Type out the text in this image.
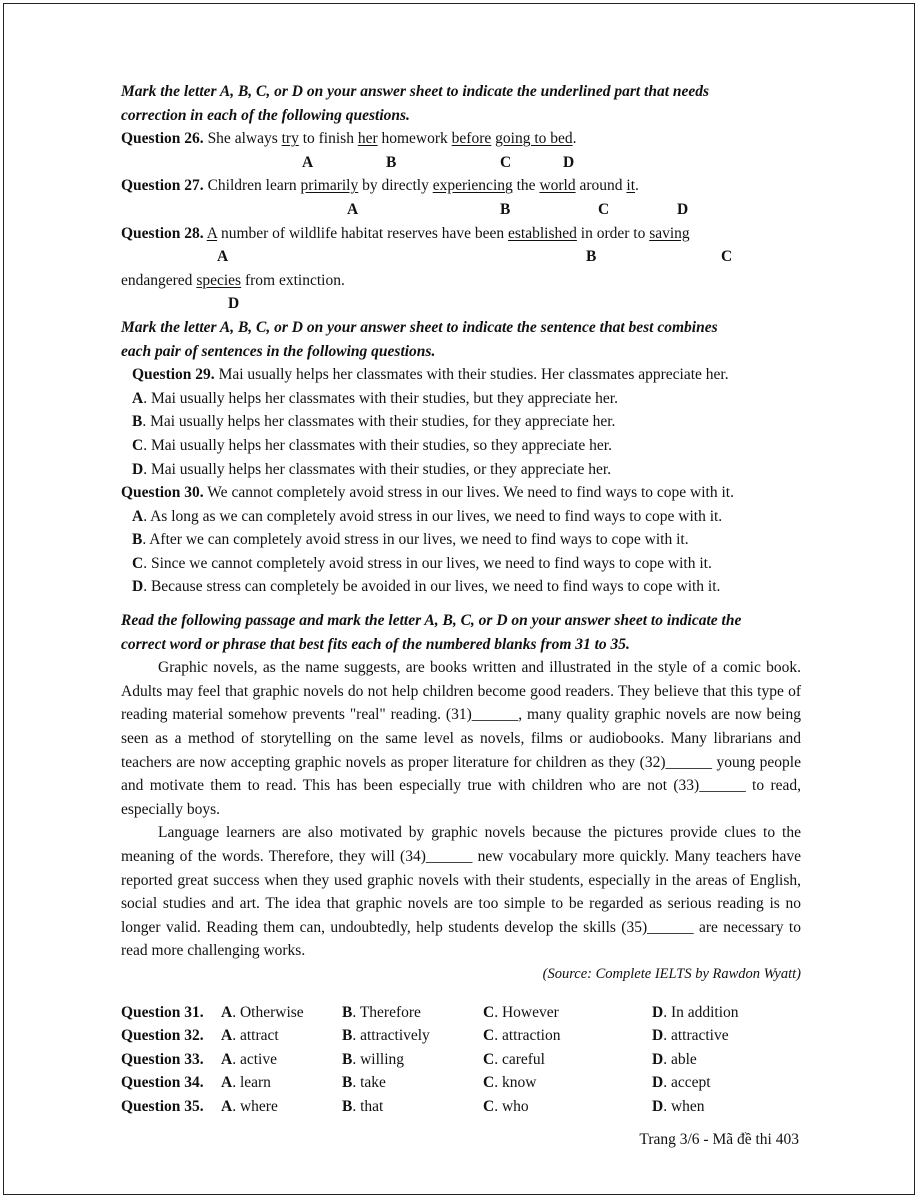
Mark the letter A, B, C, or D on your answer sheet to indicate the underlined part that needs
correction in each of the following questions.
Question 26. She always try to finish her homework before going to bed.
A	B	C	D
Question 27. Children learn primarily by directly experiencing the world around it.
A	B	C	D
Question 28. A number of wildlife habitat reserves have been established in order to saving
A	B	C
endangered species from extinction.
D
Mark the letter A, B, C, or D on your answer sheet to indicate the sentence that best combines
each pair of sentences in the following questions.
Question 29. Mai usually helps her classmates with their studies. Her classmates appreciate her.
A. Mai usually helps her classmates with their studies, but they appreciate her.
B. Mai usually helps her classmates with their studies, for they appreciate her.
C. Mai usually helps her classmates with their studies, so they appreciate her.
D. Mai usually helps her classmates with their studies, or they appreciate her.
Question 30. We cannot completely avoid stress in our lives. We need to find ways to cope with it.
A. As long as we can completely avoid stress in our lives, we need to find ways to cope with it.
B. After we can completely avoid stress in our lives, we need to find ways to cope with it.
C. Since we cannot completely avoid stress in our lives, we need to find ways to cope with it.
D. Because stress can completely be avoided in our lives, we need to find ways to cope with it.
Read the following passage and mark the letter A, B, C, or D on your answer sheet to indicate the
correct word or phrase that best fits each of the numbered blanks from 31 to 35.

Graphic novels, as the name suggests, are books written and illustrated in the style of a comic book. Adults may feel that graphic novels do not help children become good readers. They believe that this type of reading material somehow prevents "real" reading. (31)______, many quality graphic novels are now being seen as a method of storytelling on the same level as novels, films or audiobooks. Many librarians and teachers are now accepting graphic novels as proper literature for children as they (32)______ young people and motivate them to read. This has been especially true with children who are not (33)______ to read, especially boys.

Language learners are also motivated by graphic novels because the pictures provide clues to the meaning of the words. Therefore, they will (34)______ new vocabulary more quickly. Many teachers have reported great success when they used graphic novels with their students, especially in the areas of English, social studies and art. The idea that graphic novels are too simple to be regarded as serious reading is no longer valid. Reading them can, undoubtedly, help students develop the skills (35)______ are necessary to read more challenging works.

(Source: Complete IELTS by Rawdon Wyatt)
Question 31.	A. Otherwise	B. Therefore	C. However	D. In addition
Question 32.	A. attract	B. attractively	C. attraction	D. attractive
Question 33.	A. active	B. willing	C. careful	D. able
Question 34.	A. learn	B. take	C. know	D. accept
Question 35.	A. where	B. that	C. who	D. when
Trang 3/6 - Mã đề thi 403
